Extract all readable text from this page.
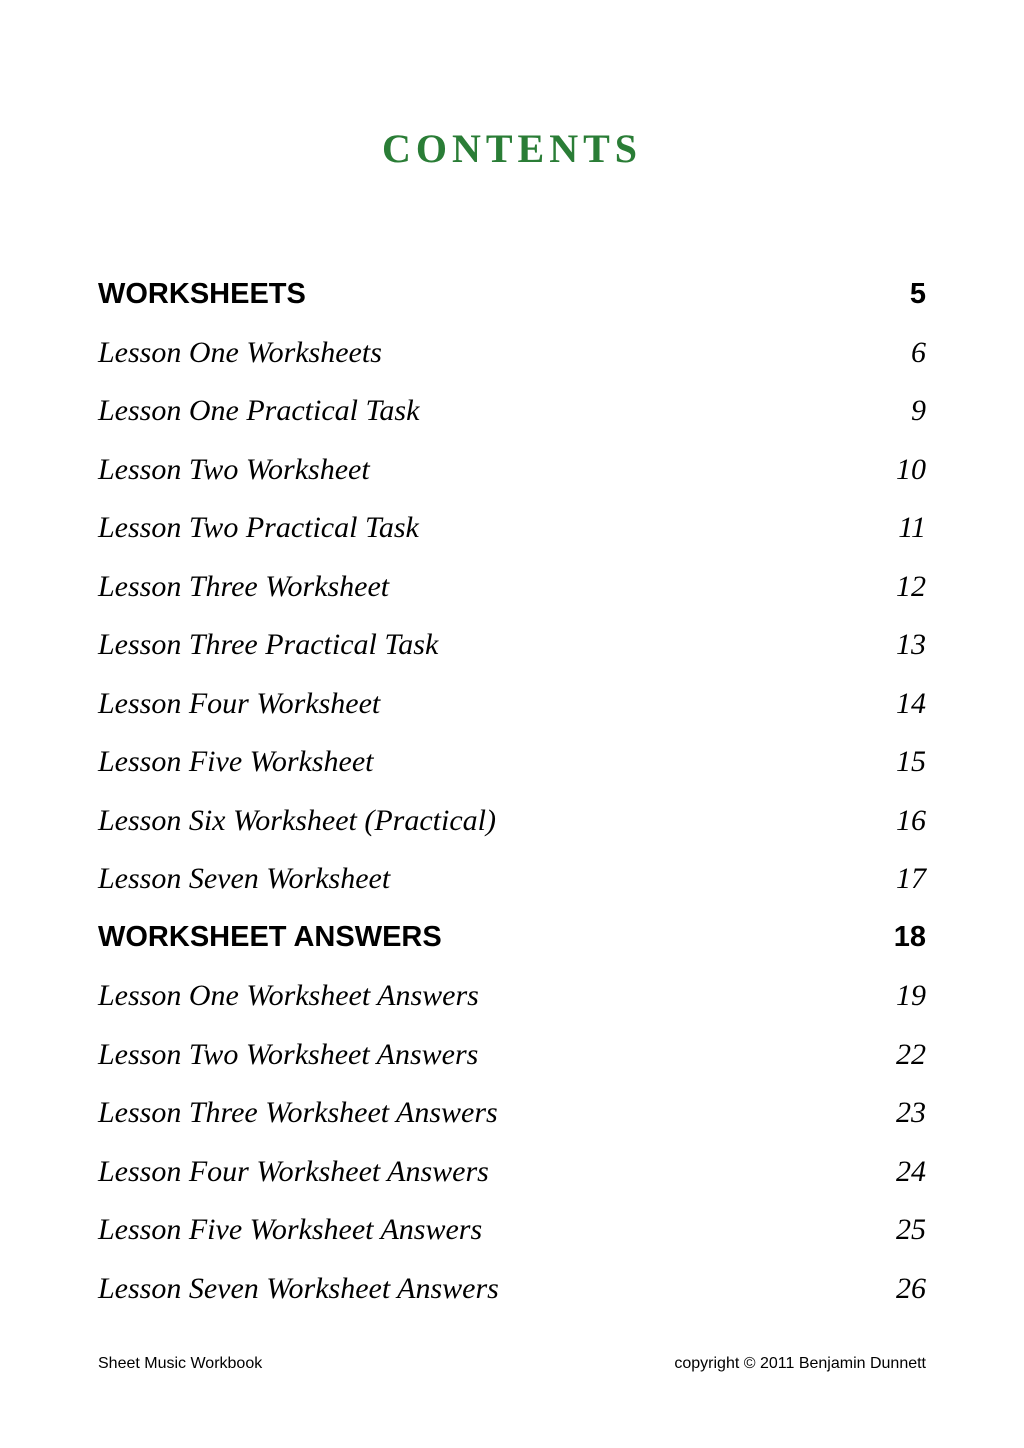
CONTENTS
WORKSHEETS	5
Lesson One Worksheets	6
Lesson One Practical Task	9
Lesson Two Worksheet	10
Lesson Two Practical Task	11
Lesson Three Worksheet	12
Lesson Three Practical Task	13
Lesson Four Worksheet	14
Lesson Five Worksheet	15
Lesson Six Worksheet (Practical)	16
Lesson Seven Worksheet	17
WORKSHEET ANSWERS	18
Lesson One Worksheet Answers	19
Lesson Two Worksheet Answers	22
Lesson Three Worksheet Answers	23
Lesson Four Worksheet Answers	24
Lesson Five Worksheet Answers	25
Lesson Seven Worksheet Answers	26
Sheet Music Workbook	copyright © 2011 Benjamin Dunnett
